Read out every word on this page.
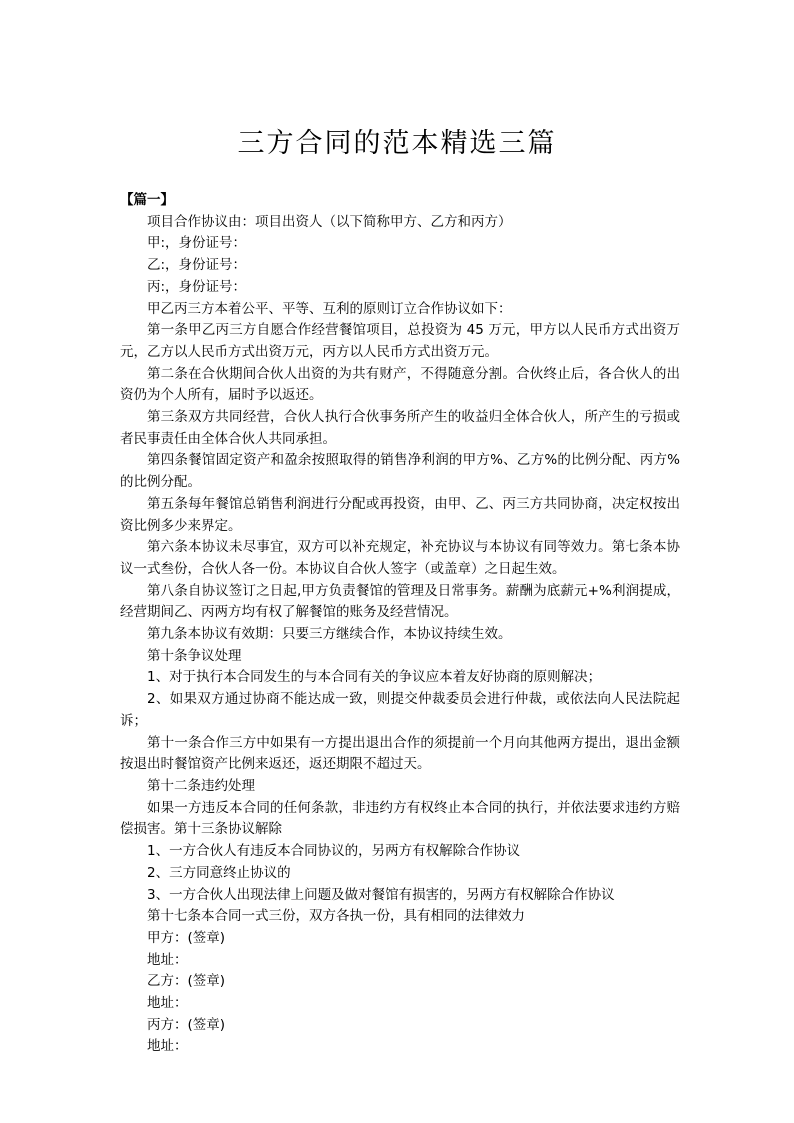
三方合同的范本精选三篇

【篇一】

项目合作协议由：项目出资人（以下简称甲方、乙方和丙方）

甲:，身份证号：

乙:，身份证号：

丙:，身份证号：

甲乙丙三方本着公平、平等、互利的原则订立合作协议如下：

第一条甲乙丙三方自愿合作经营餐馆项目，总投资为 45 万元，甲方以人民币方式出资万元，乙方以人民币方式出资万元，丙方以人民币方式出资万元。

第二条在合伙期间合伙人出资的为共有财产，不得随意分割。合伙终止后，各合伙人的出资仍为个人所有，届时予以返还。

第三条双方共同经营，合伙人执行合伙事务所产生的收益归全体合伙人，所产生的亏损或者民事责任由全体合伙人共同承担。

第四条餐馆固定资产和盈余按照取得的销售净利润的甲方%、乙方%的比例分配、丙方%的比例分配。

第五条每年餐馆总销售利润进行分配或再投资，由甲、乙、丙三方共同协商，决定权按出资比例多少来界定。

第六条本协议未尽事宜，双方可以补充规定，补充协议与本协议有同等效力。第七条本协议一式叁份，合伙人各一份。本协议自合伙人签字（或盖章）之日起生效。

第八条自协议签订之日起,甲方负责餐馆的管理及日常事务。薪酬为底薪元+%利润提成，经营期间乙、丙两方均有权了解餐馆的账务及经营情况。

第九条本协议有效期：只要三方继续合作，本协议持续生效。

第十条争议处理

1、对于执行本合同发生的与本合同有关的争议应本着友好协商的原则解决；

2、如果双方通过协商不能达成一致，则提交仲裁委员会进行仲裁，或依法向人民法院起诉；

第十一条合作三方中如果有一方提出退出合作的须提前一个月向其他两方提出，退出金额按退出时餐馆资产比例来返还，返还期限不超过天。

第十二条违约处理

如果一方违反本合同的任何条款，非违约方有权终止本合同的执行，并依法要求违约方赔偿损害。第十三条协议解除

1、一方合伙人有违反本合同协议的，另两方有权解除合作协议

2、三方同意终止协议的

3、一方合伙人出现法律上问题及做对餐馆有损害的，另两方有权解除合作协议

第十七条本合同一式三份，双方各执一份，具有相同的法律效力

甲方：(签章)

地址：

乙方：(签章)

地址：

丙方：(签章)

地址：
